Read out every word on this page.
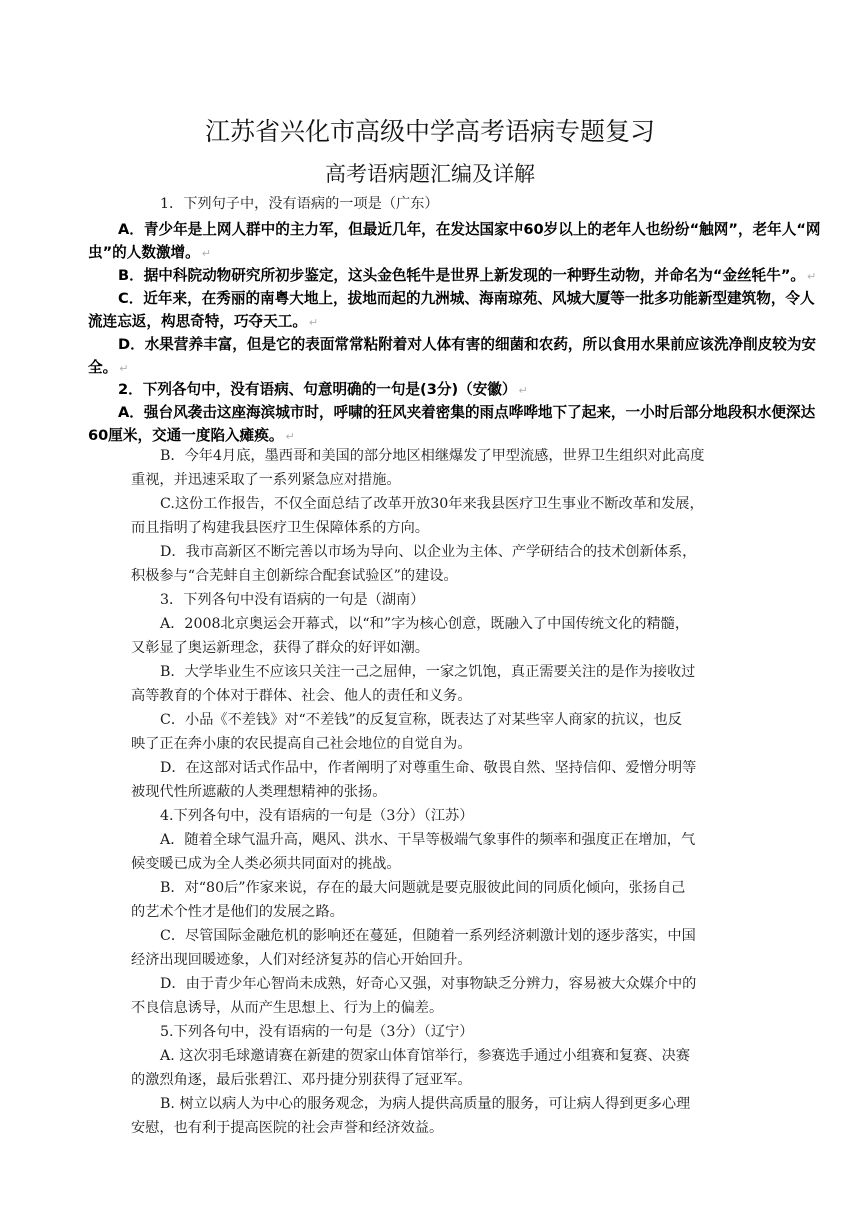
江苏省兴化市高级中学高考语病专题复习
高考语病题汇编及详解
1．下列句子中，没有语病的一项是（广东）
A．青少年是上网人群中的主力军，但最近几年，在发达国家中60岁以上的老年人也纷纷“触网”，老年人“网
虫”的人数激增。 ↵
B．据中科院动物研究所初步鉴定，这头金色牦牛是世界上新发现的一种野生动物，并命名为“金丝牦牛”。 ↵
C．近年来，在秀丽的南粤大地上，拔地而起的九洲城、海南琼苑、风城大厦等一批多功能新型建筑物，令人
流连忘返，构思奇特，巧夺天工。 ↵
D．水果营养丰富，但是它的表面常常粘附着对人体有害的细菌和农药，所以食用水果前应该洗净削皮较为安
全。 ↵
2．下列各句中，没有语病、句意明确的一句是(3分)（安徽） ↵
A．强台风袭击这座海滨城市时，呼啸的狂风夹着密集的雨点哗哗地下了起来，一小时后部分地段积水便深达
60厘米，交通一度陷入瘫痪。 ↵
B．今年4月底，墨西哥和美国的部分地区相继爆发了甲型流感，世界卫生组织对此高度
重视，并迅速采取了一系列紧急应对措施。
C.这份工作报告，不仅全面总结了改革开放30年来我县医疗卫生事业不断改革和发展，
而且指明了构建我县医疗卫生保障体系的方向。
D．我市高新区不断完善以市场为导向、以企业为主体、产学研结合的技术创新体系，
积极参与“合芜蚌自主创新综合配套试验区”的建设。
3．下列各句中没有语病的一句是（湖南）
A．2008北京奥运会开幕式，以“和”字为核心创意，既融入了中国传统文化的精髓，
又彰显了奥运新理念，获得了群众的好评如潮。
B．大学毕业生不应该只关注一己之屈伸，一家之饥饱，真正需要关注的是作为接收过
高等教育的个体对于群体、社会、他人的责任和义务。
C．小品《不差钱》对“不差钱”的反复宣称，既表达了对某些宰人商家的抗议，也反
映了正在奔小康的农民提高自己社会地位的自觉自为。
D．在这部对话式作品中，作者阐明了对尊重生命、敬畏自然、坚持信仰、爱憎分明等
被现代性所遮蔽的人类理想精神的张扬。
4.下列各句中，没有语病的一句是（3分）（江苏）
A．随着全球气温升高，飓风、洪水、干旱等极端气象事件的频率和强度正在增加，气
候变暖已成为全人类必须共同面对的挑战。
B．对“80后”作家来说，存在的最大问题就是要克服彼此间的同质化倾向，张扬自己
的艺术个性才是他们的发展之路。
C．尽管国际金融危机的影响还在蔓延，但随着一系列经济刺激计划的逐步落实，中国
经济出现回暖迹象，人们对经济复苏的信心开始回升。
D．由于青少年心智尚未成熟，好奇心又强，对事物缺乏分辨力，容易被大众媒介中的
不良信息诱导，从而产生思想上、行为上的偏差。
5.下列各句中，没有语病的一句是（3分）（辽宁）
A. 这次羽毛球邀请赛在新建的贺家山体育馆举行，参赛选手通过小组赛和复赛、决赛
的激烈角逐，最后张碧江、邓丹捷分别获得了冠亚军。
B. 树立以病人为中心的服务观念，为病人提供高质量的服务，可让病人得到更多心理
安慰，也有利于提高医院的社会声誉和经济效益。
